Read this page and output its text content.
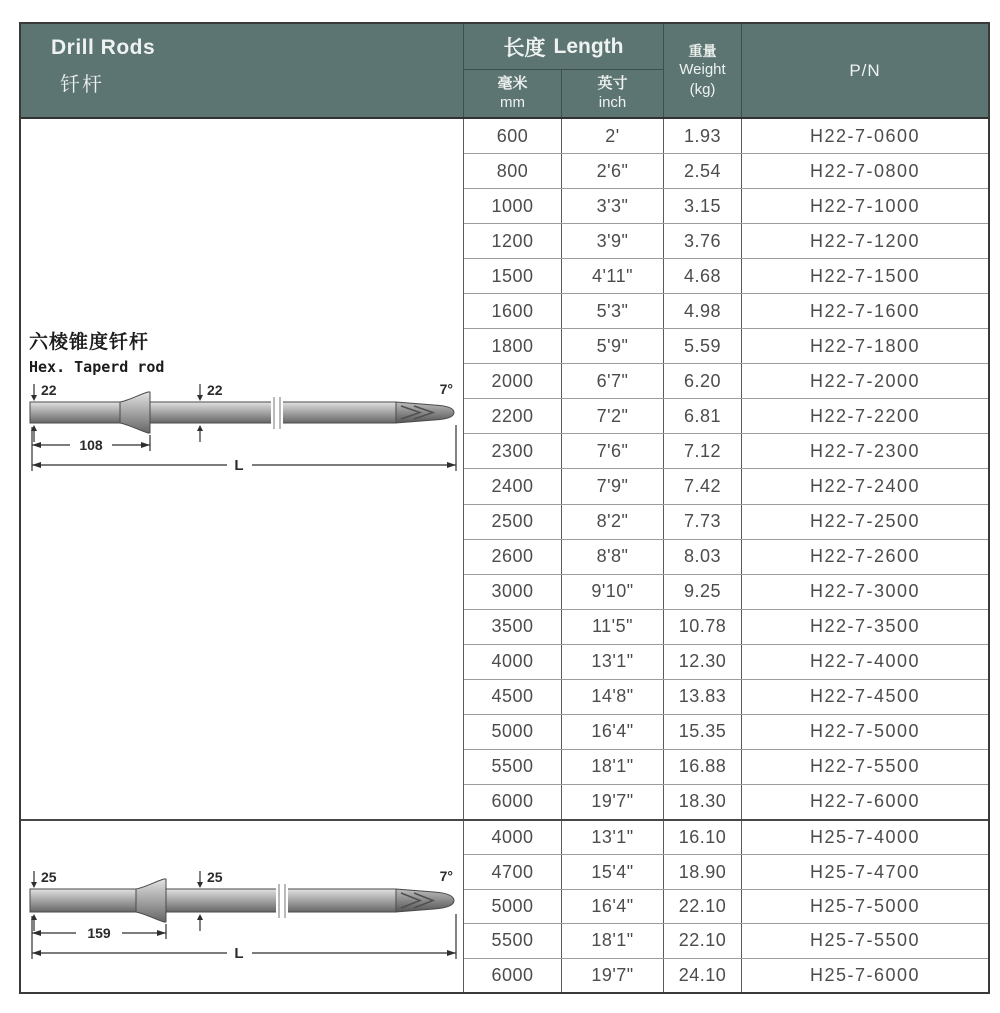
Drill Rods
钎杆
长度 Length
毫米
mm
英寸
inch
重量
Weight
(kg)
P/N
六棱锥度钎杆
Hex. Taperd rod
22	22	7°
108
L
600	2'	1.93	H22-7-0600
800	2'6"	2.54	H22-7-0800
1000	3'3"	3.15	H22-7-1000
1200	3'9"	3.76	H22-7-1200
1500	4'11"	4.68	H22-7-1500
1600	5'3"	4.98	H22-7-1600
1800	5'9"	5.59	H22-7-1800
2000	6'7"	6.20	H22-7-2000
2200	7'2"	6.81	H22-7-2200
2300	7'6"	7.12	H22-7-2300
2400	7'9"	7.42	H22-7-2400
2500	8'2"	7.73	H22-7-2500
2600	8'8"	8.03	H22-7-2600
3000	9'10"	9.25	H22-7-3000
3500	11'5"	10.78	H22-7-3500
4000	13'1"	12.30	H22-7-4000
4500	14'8"	13.83	H22-7-4500
5000	16'4"	15.35	H22-7-5000
5500	18'1"	16.88	H22-7-5500
6000	19'7"	18.30	H22-7-6000
25	25	7°
159
L
4000	13'1"	16.10	H25-7-4000
4700	15'4"	18.90	H25-7-4700
5000	16'4"	22.10	H25-7-5000
5500	18'1"	22.10	H25-7-5500
6000	19'7"	24.10	H25-7-6000
